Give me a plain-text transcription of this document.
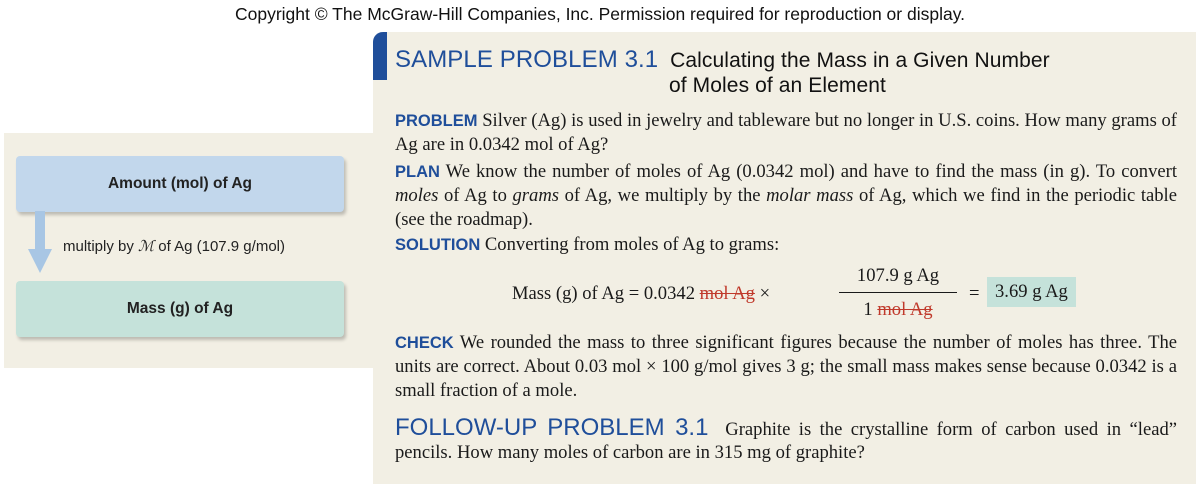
Copyright © The McGraw-Hill Companies, Inc. Permission required for reproduction or display.
Amount (mol) of Ag
multiply by ℳ of Ag (107.9 g/mol)
Mass (g) of Ag
SAMPLE PROBLEM 3.1 Calculating the Mass in a Given Number
of Moles of an Element
PROBLEM Silver (Ag) is used in jewelry and tableware but no longer in U.S. coins. How many grams of Ag are in 0.0342 mol of Ag?
PLAN We know the number of moles of Ag (0.0342 mol) and have to find the mass (in g). To convert moles of Ag to grams of Ag, we multiply by the molar mass of Ag, which we find in the periodic table (see the roadmap).
SOLUTION Converting from moles of Ag to grams:
Mass (g) of Ag = 0.0342 mol Ag ×
107.9 g Ag
1 mol Ag
= 3.69 g Ag
CHECK We rounded the mass to three significant figures because the number of moles has three. The units are correct. About 0.03 mol × 100 g/mol gives 3 g; the small mass makes sense because 0.0342 is a small fraction of a mole.
FOLLOW-UP PROBLEM 3.1 Graphite is the crystalline form of carbon used in “lead” pencils. How many moles of carbon are in 315 mg of graphite?
